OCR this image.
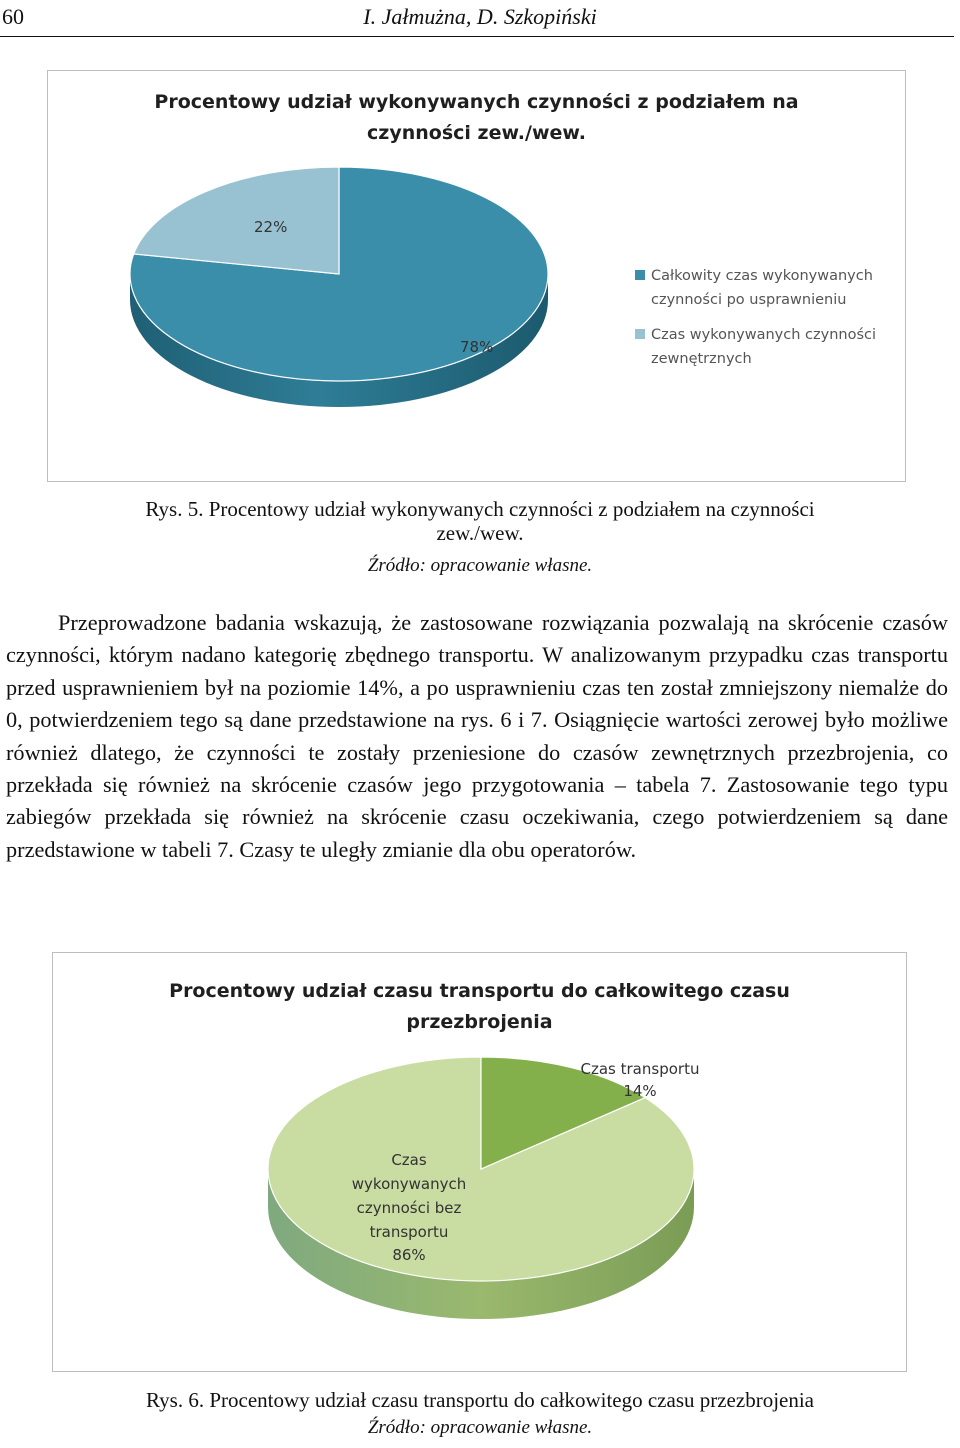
60	I. Jałmużna, D. Szkopiński
Procentowy udział wykonywanych czynności z podziałem na
czynności zew./wew.
78%
22%
Całkowity czas wykonywanych
czynności po usprawnieniu
Czas wykonywanych czynności
zewnętrznych
Rys. 5. Procentowy udział wykonywanych czynności z podziałem na czynności
zew./wew.
Źródło: opracowanie własne.

Przeprowadzone badania wskazują, że zastosowane rozwiązania pozwalają na skrócenie czasów czynności, którym nadano kategorię zbędnego transportu. W analizowanym przypadku czas transportu przed usprawnieniem był na poziomie 14%, a po usprawnieniu czas ten został zmniejszony niemalże do 0, potwierdzeniem tego są dane przedstawione na rys. 6 i 7. Osiągnięcie wartości zerowej było możliwe również dlatego, że czynności te zostały przeniesione do czasów zewnętrznych przezbrojenia, co przekłada się również na skrócenie czasów jego przygotowania – tabela 7. Zastosowanie tego typu zabiegów przekłada się również na skrócenie czasu oczekiwania, czego potwierdzeniem są dane przedstawione w tabeli 7. Czasy te uległy zmianie dla obu operatorów.

Procentowy udział czasu transportu do całkowitego czasu
przezbrojenia
Czas
wykonywanych
czynności bez
transportu
86%
Czas transportu
14%
Rys. 6. Procentowy udział czasu transportu do całkowitego czasu przezbrojenia
Źródło: opracowanie własne.
